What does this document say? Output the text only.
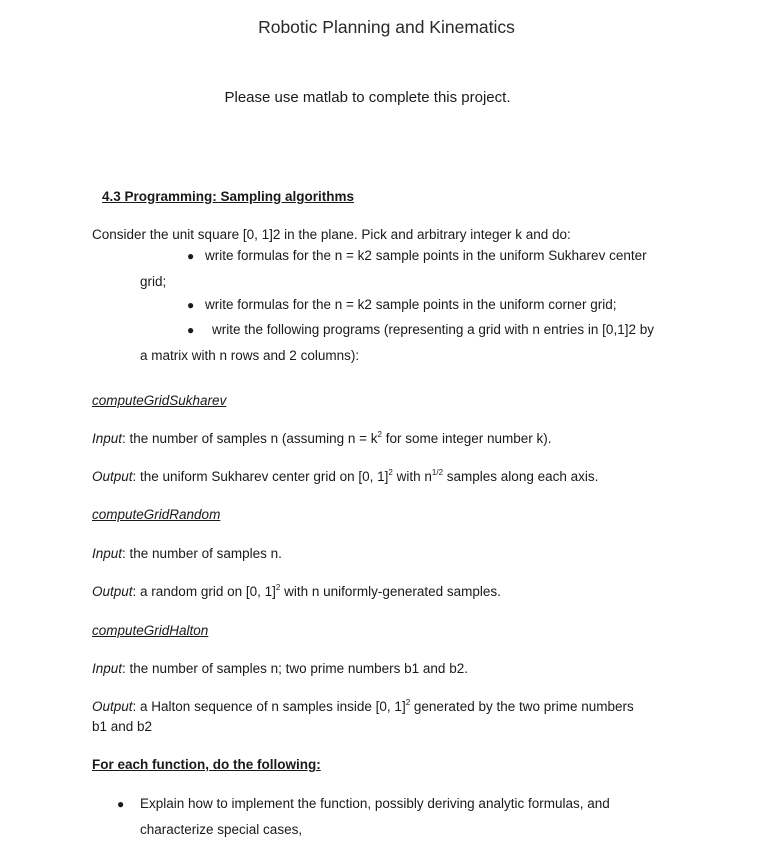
Robotic Planning and Kinematics
Please use matlab to complete this project.
4.3 Programming: Sampling algorithms
Consider the unit square [0, 1]2 in the plane. Pick and arbitrary integer k and do:
● write formulas for the n = k2 sample points in the uniform Sukharev center
grid;
● write formulas for the n = k2 sample points in the uniform corner grid;
● write the following programs (representing a grid with n entries in [0,1]2 by
a matrix with n rows and 2 columns):
computeGridSukharev
Input: the number of samples n (assuming $n = k^2$ for some integer number k).
Output: the uniform Sukharev center grid on [0, 1]$^2$ with $n^{1/2}$ samples along each axis.
computeGridRandom
Input: the number of samples n.
Output: a random grid on [0, 1]$^2$ with n uniformly-generated samples.
computeGridHalton
Input: the number of samples n; two prime numbers b1 and b2.
Output: a Halton sequence of n samples inside [0, 1]$^2$ generated by the two prime numbers
b1 and b2
For each function, do the following:
● Explain how to implement the function, possibly deriving analytic formulas, and
characterize special cases,
